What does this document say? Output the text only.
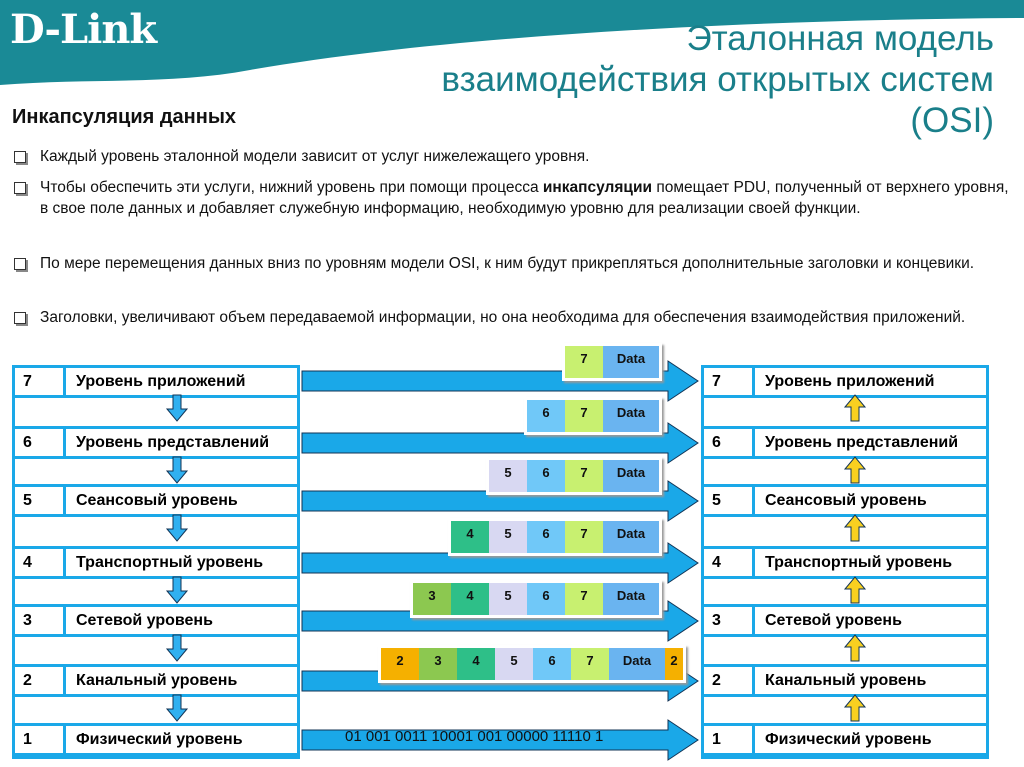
D-Link	Эталонная модель
взаимодействия открытых систем
(OSI)
Инкапсуляция данных
Каждый уровень эталонной модели зависит от услуг нижележащего уровня.
Чтобы обеспечить эти услуги, нижний уровень при помощи процесса инкапсуляции помещает PDU, полученный от верхнего уровня, в свое поле данных и добавляет служебную информацию, необходимую уровню для реализации своей функции.
По мере перемещения данных вниз по уровням модели OSI, к ним будут прикрепляться дополнительные заголовки и концевики.
Заголовки, увеличивают объем передаваемой информации, но она необходима для обеспечения взаимодействия приложений.
7	Уровень приложений
6	Уровень представлений
5	Сеансовый уровень
4	Транспортный уровень
3	Сетевой уровень
2	Канальный уровень
1	Физический уровень
7	Уровень приложений
6	Уровень представлений
5	Сеансовый уровень
4	Транспортный уровень
3	Сетевой уровень
2	Канальный уровень
1	Физический уровень
7	Data
6	7	Data
5	6	7	Data
4	5	6	7	Data
3	4	5	6	7	Data
2	3	4	5	6	7	Data	2
01 001 0011 10001 001 00000 11110 1
